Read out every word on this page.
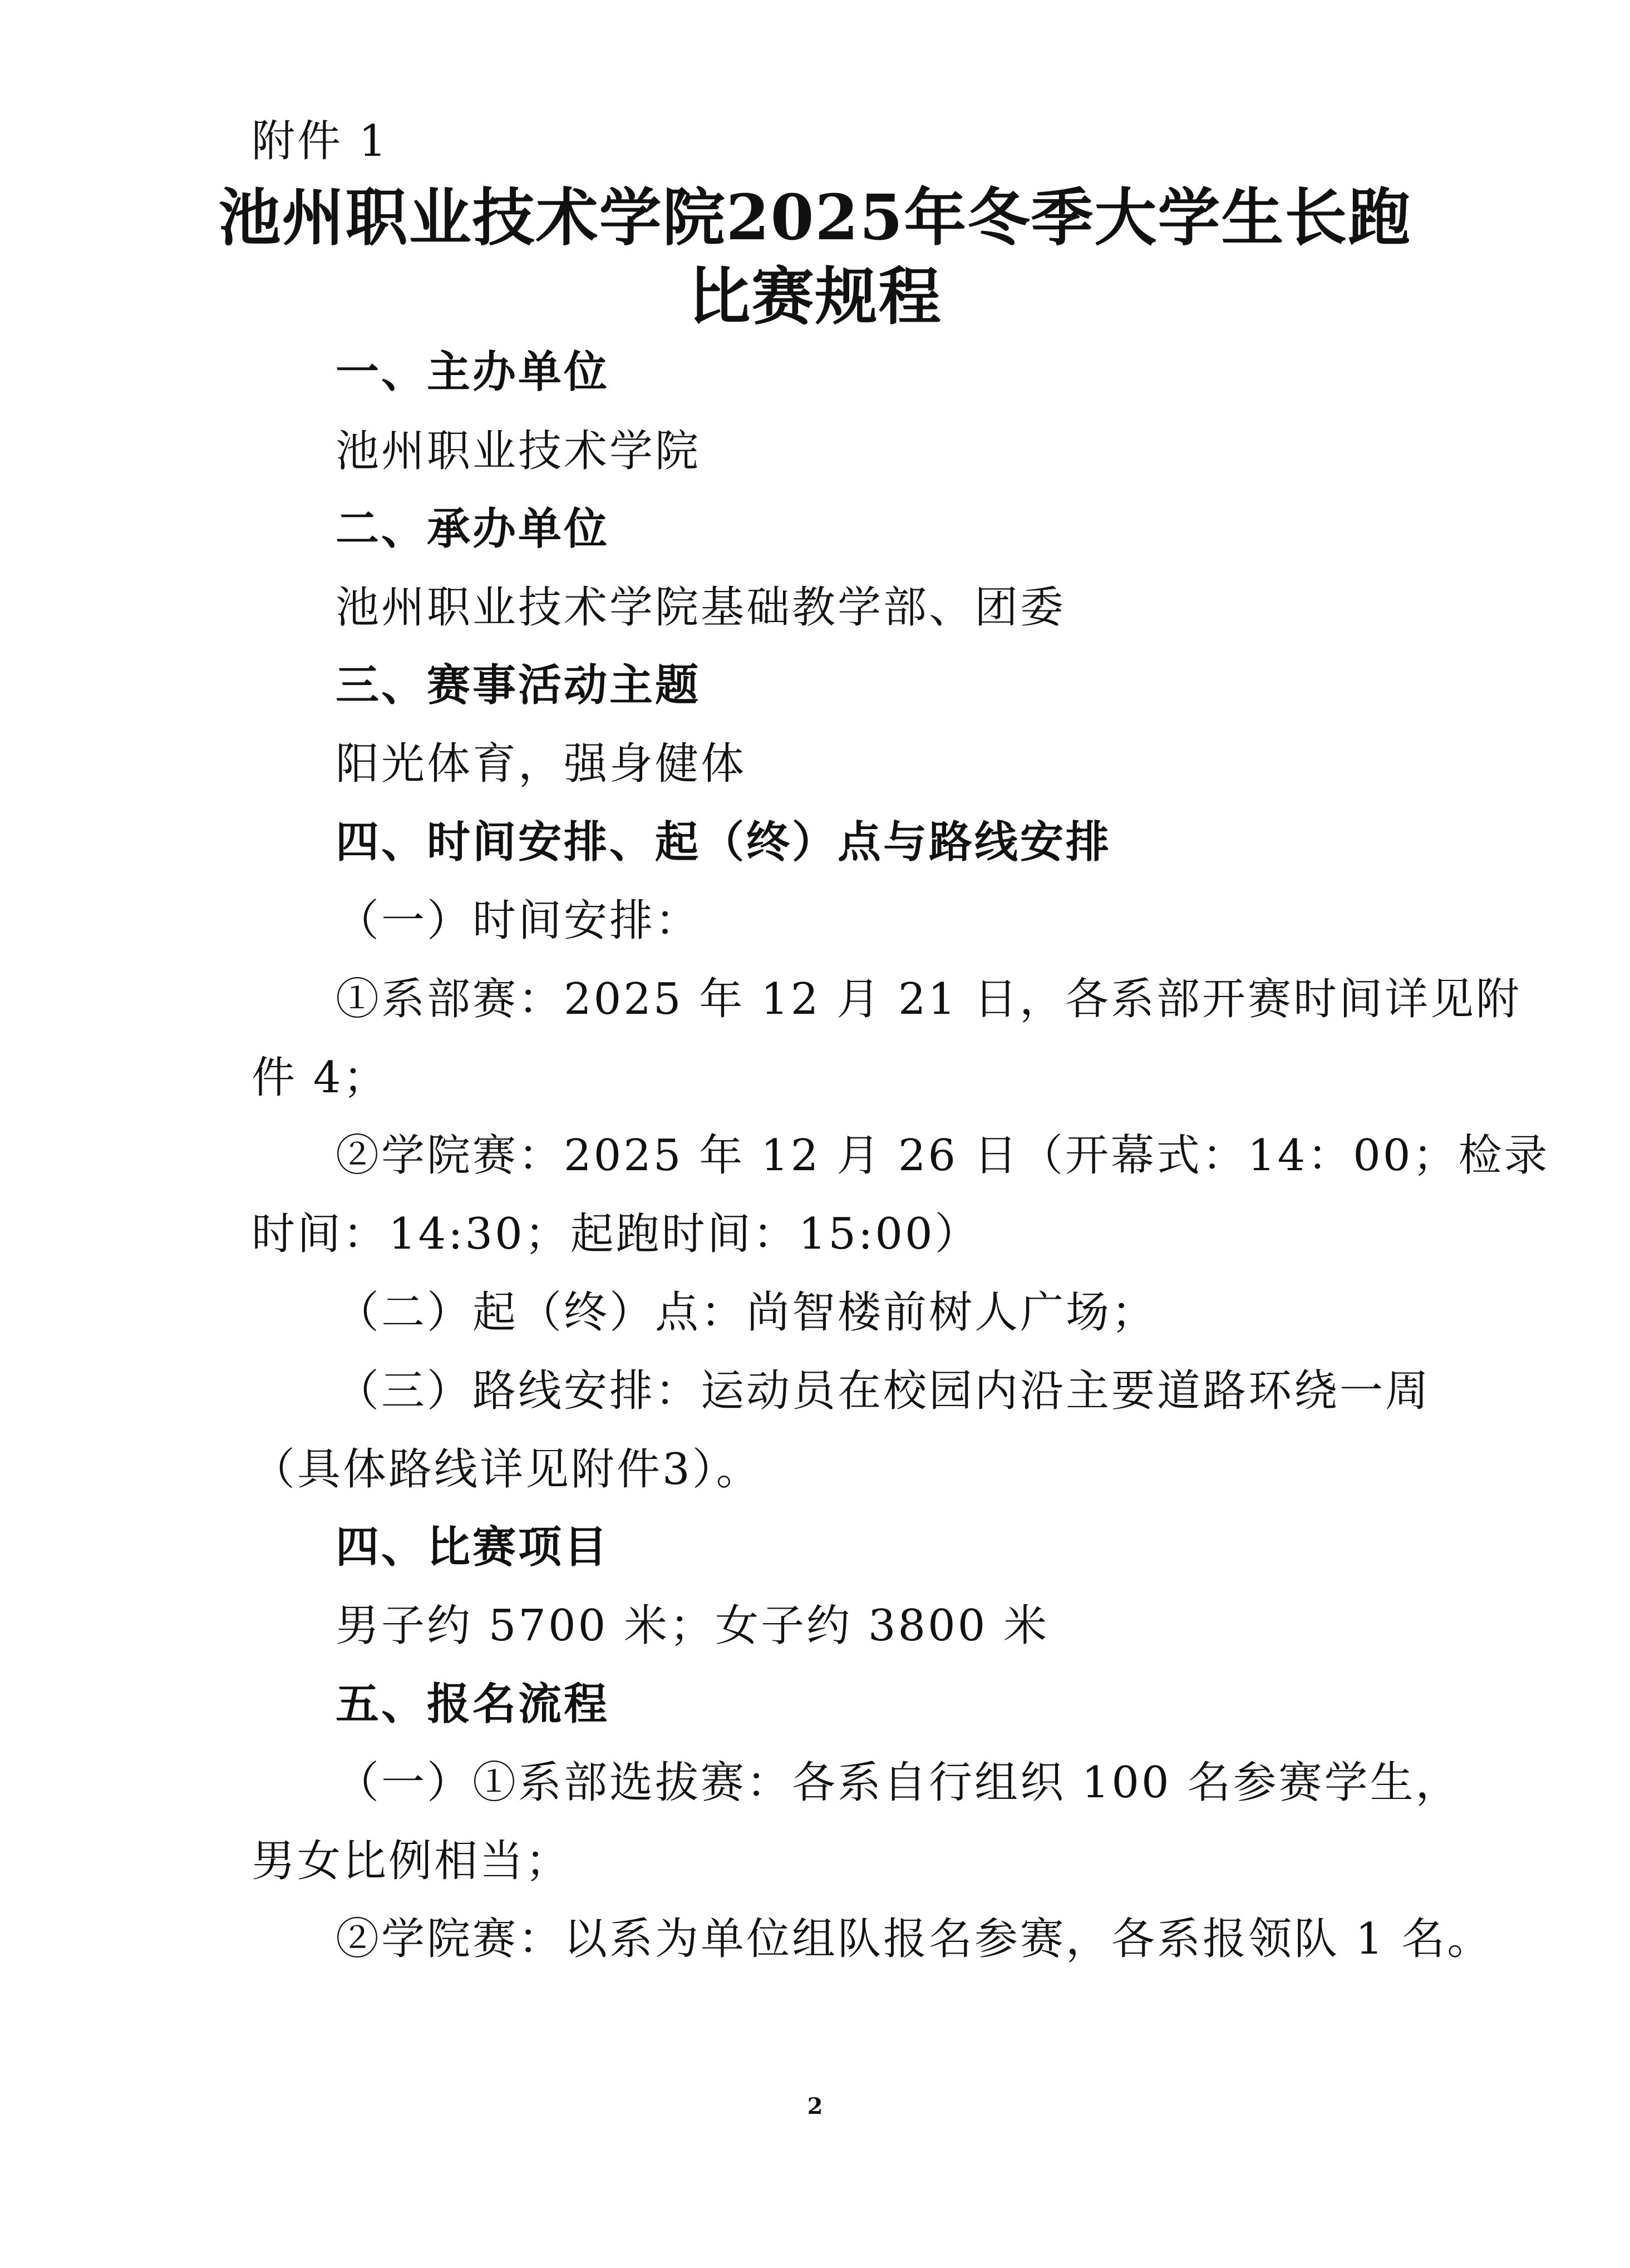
附件 1
池州职业技术学院2025年冬季大学生长跑
比赛规程
一、主办单位
池州职业技术学院
二、承办单位
池州职业技术学院基础教学部、团委
三、赛事活动主题
阳光体育，强身健体
四、时间安排、起（终）点与路线安排
（一）时间安排：
①系部赛：2025 年 12 月 21 日，各系部开赛时间详见附
件 4；
②学院赛：2025 年 12 月 26 日（开幕式：14：00；检录
时间：14:30；起跑时间：15:00）
（二）起（终）点：尚智楼前树人广场；
（三）路线安排：运动员在校园内沿主要道路环绕一周
（具体路线详见附件3）。
四、比赛项目
男子约 5700 米；女子约 3800 米
五、报名流程
（一）①系部选拔赛：各系自行组织 100 名参赛学生，
男女比例相当；
②学院赛：以系为单位组队报名参赛，各系报领队 1 名。
2
